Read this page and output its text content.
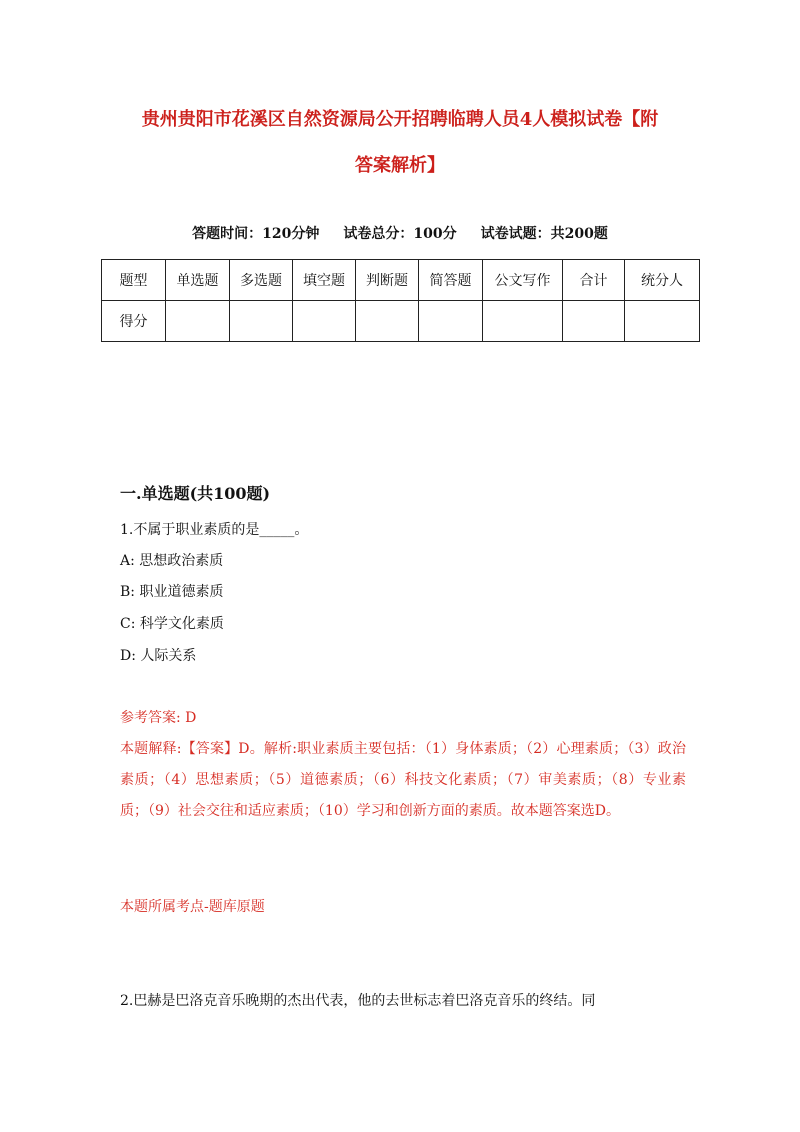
贵州贵阳市花溪区自然资源局公开招聘临聘人员4人模拟试卷【附
答案解析】
答题时间：120分钟 试卷总分：100分 试卷试题：共200题
题型	单选题	多选题	填空题	判断题	简答题	公文写作	合计	统分人
得分								
一.单选题(共100题)
1.不属于职业素质的是_____。
A: 思想政治素质
B: 职业道德素质
C: 科学文化素质
D: 人际关系
参考答案: D
本题解释:【答案】D。解析:职业素质主要包括：（1）身体素质；（2）心理素质；（3）政治素质；（4）思想素质；（5）道德素质；（6）科技文化素质；（7）审美素质；（8）专业素质；（9）社会交往和适应素质；（10）学习和创新方面的素质。故本题答案选D。
本题所属考点-题库原题
2.巴赫是巴洛克音乐晚期的杰出代表，他的去世标志着巴洛克音乐的终结。同
